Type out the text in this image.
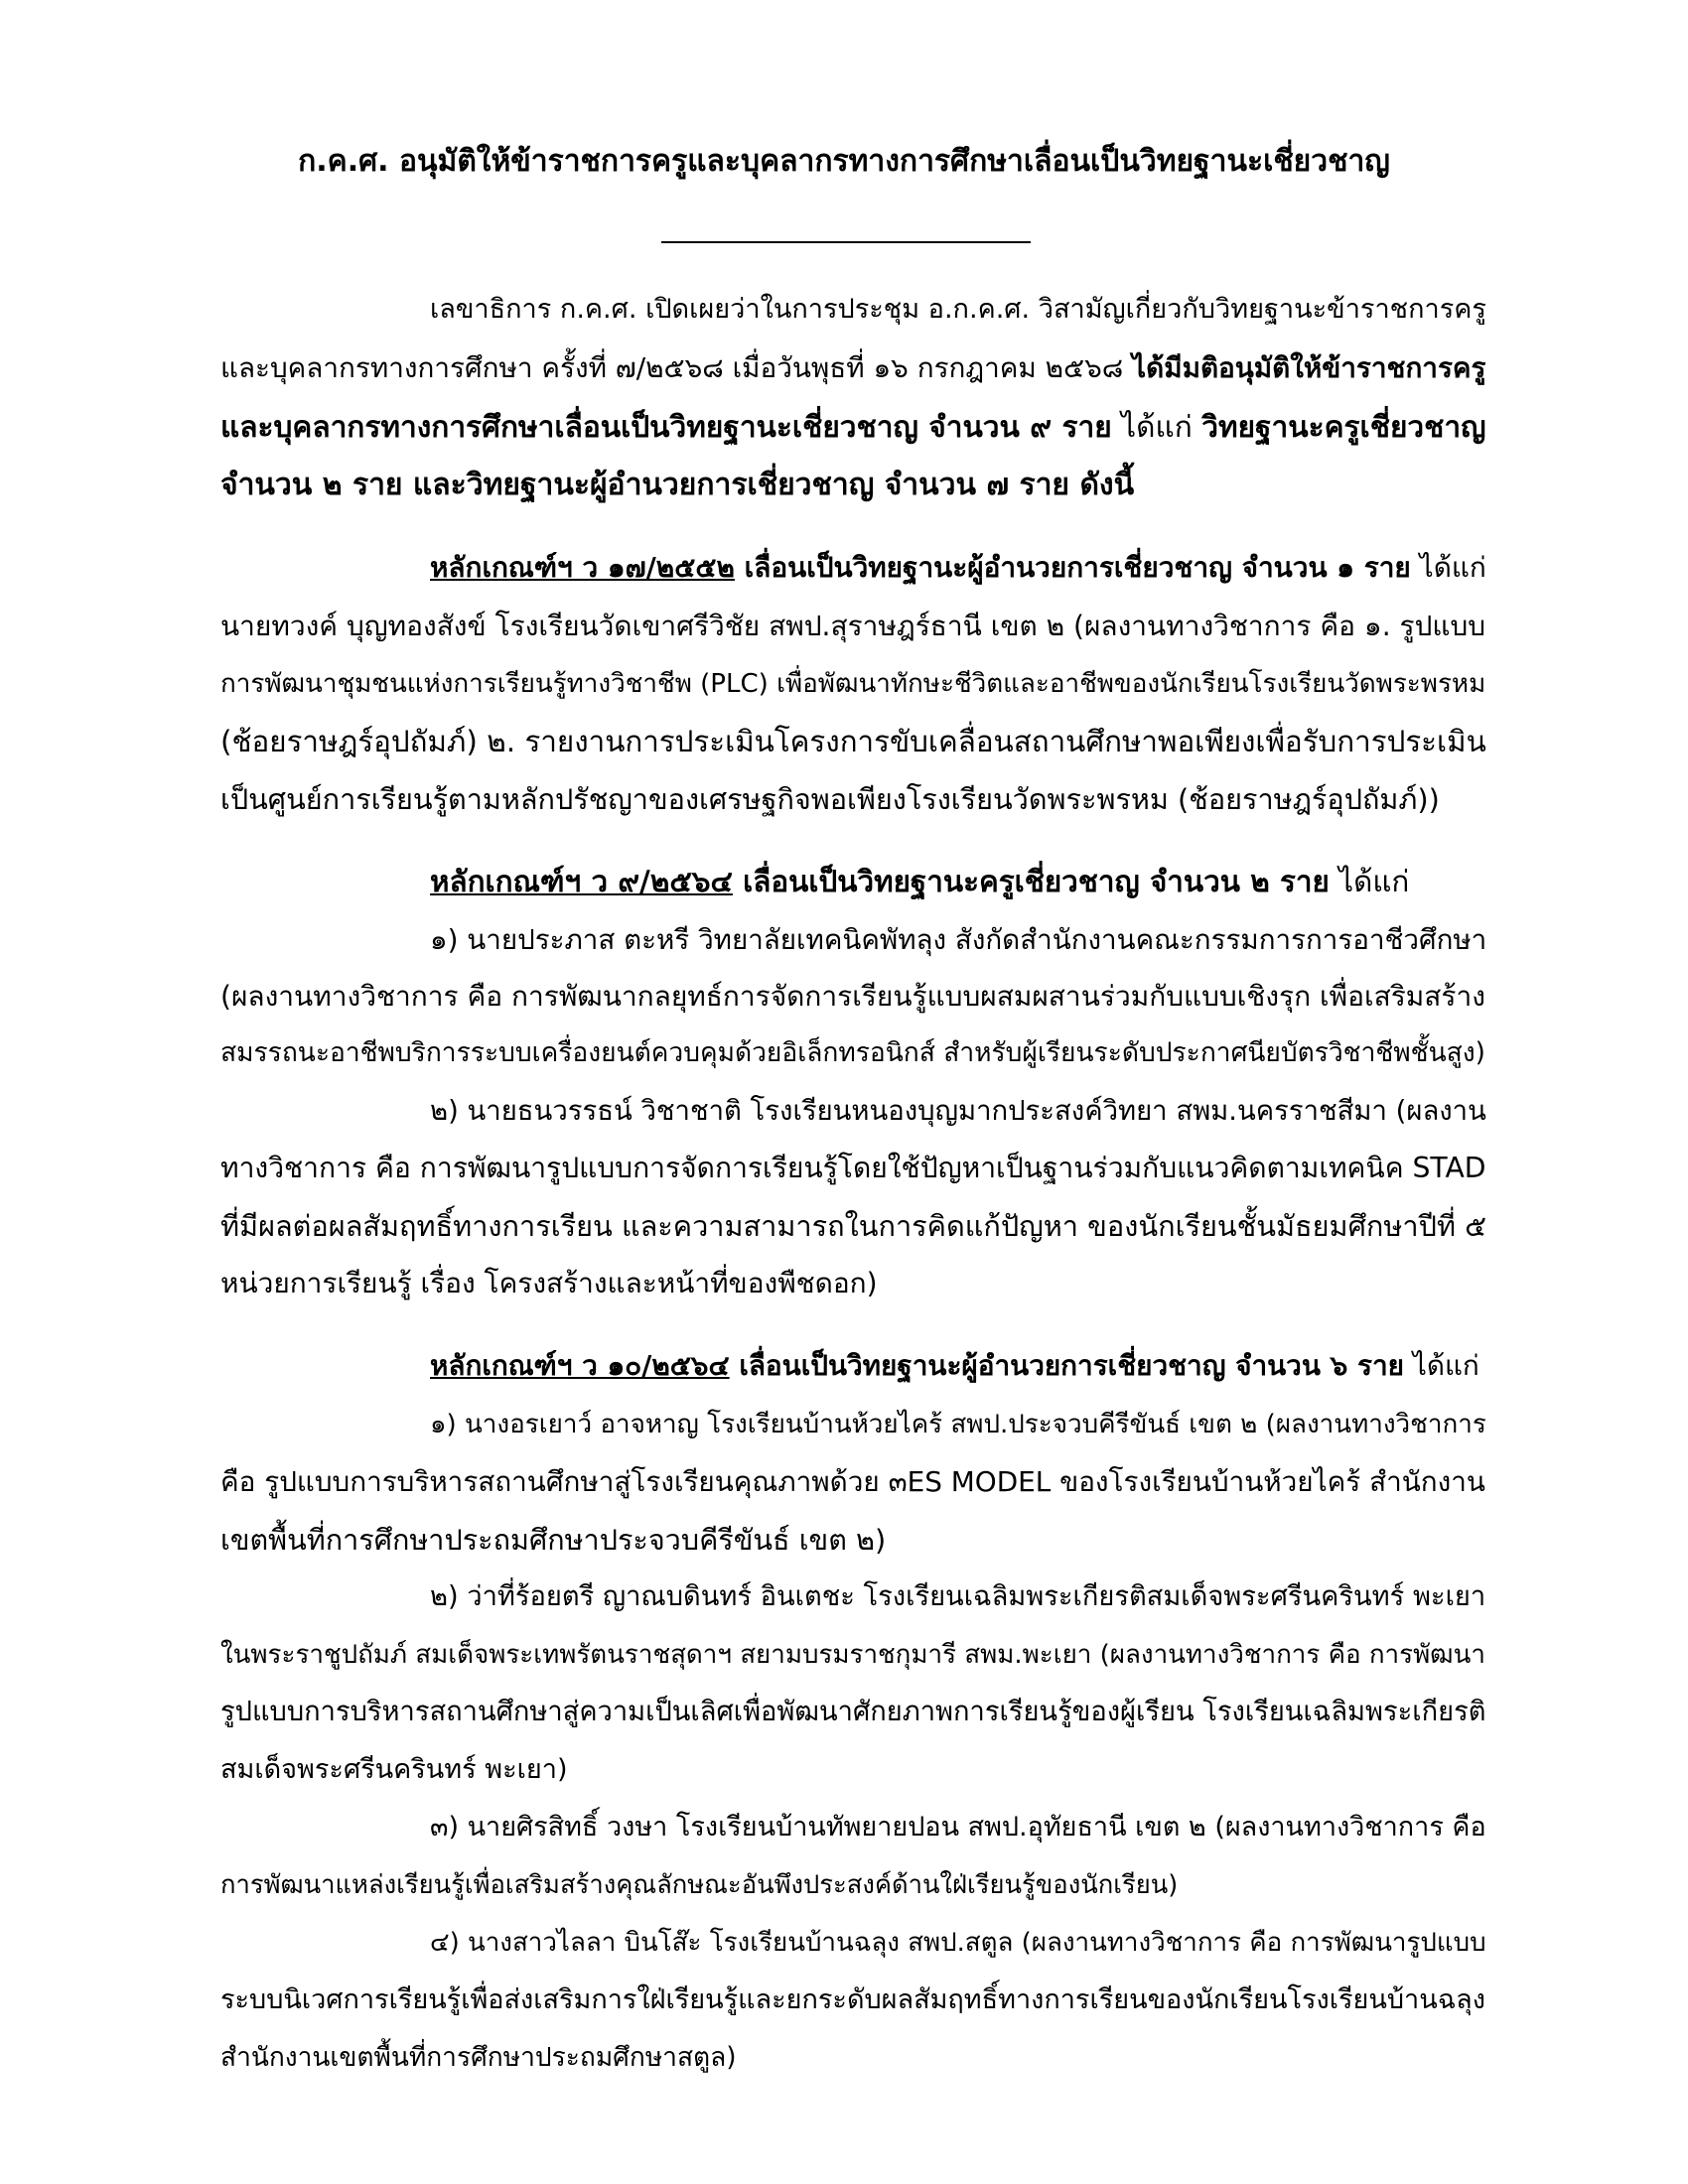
ก.ค.ศ. อนุมัติให้ข้าราชการครูและบุคลากรทางการศึกษาเลื่อนเป็นวิทยฐานะเชี่ยวชาญ
เลขาธิการ ก.ค.ศ. เปิดเผยว่าในการประชุม อ.ก.ค.ศ. วิสามัญเกี่ยวกับวิทยฐานะข้าราชการครู
และบุคลากรทางการศึกษา ครั้งที่ ๗/๒๕๖๘ เมื่อวันพุธที่ ๑๖ กรกฎาคม ๒๕๖๘ ได้มีมติอนุมัติให้ข้าราชการครู
และบุคลากรทางการศึกษาเลื่อนเป็นวิทยฐานะเชี่ยวชาญ จำนวน ๙ ราย ได้แก่ วิทยฐานะครูเชี่ยวชาญ
จำนวน ๒ ราย และวิทยฐานะผู้อำนวยการเชี่ยวชาญ จำนวน ๗ ราย ดังนี้
หลักเกณฑ์ฯ ว ๑๗/๒๕๕๒ เลื่อนเป็นวิทยฐานะผู้อำนวยการเชี่ยวชาญ จำนวน ๑ ราย ได้แก่
นายทวงค์ บุญทองสังข์ โรงเรียนวัดเขาศรีวิชัย สพป.สุราษฎร์ธานี เขต ๒ (ผลงานทางวิชาการ คือ ๑. รูปแบบ
การพัฒนาชุมชนแห่งการเรียนรู้ทางวิชาชีพ (PLC) เพื่อพัฒนาทักษะชีวิตและอาชีพของนักเรียนโรงเรียนวัดพระพรหม
(ช้อยราษฎร์อุปถัมภ์) ๒. รายงานการประเมินโครงการขับเคลื่อนสถานศึกษาพอเพียงเพื่อรับการประเมิน
เป็นศูนย์การเรียนรู้ตามหลักปรัชญาของเศรษฐกิจพอเพียงโรงเรียนวัดพระพรหม (ช้อยราษฎร์อุปถัมภ์))
หลักเกณฑ์ฯ ว ๙/๒๕๖๔ เลื่อนเป็นวิทยฐานะครูเชี่ยวชาญ จำนวน ๒ ราย ได้แก่
๑) นายประภาส ตะหรี วิทยาลัยเทคนิคพัทลุง สังกัดสำนักงานคณะกรรมการการอาชีวศึกษา
(ผลงานทางวิชาการ คือ การพัฒนากลยุทธ์การจัดการเรียนรู้แบบผสมผสานร่วมกับแบบเชิงรุก เพื่อเสริมสร้าง
สมรรถนะอาชีพบริการระบบเครื่องยนต์ควบคุมด้วยอิเล็กทรอนิกส์ สำหรับผู้เรียนระดับประกาศนียบัตรวิชาชีพชั้นสูง)
๒) นายธนวรรธน์ วิชาชาติ โรงเรียนหนองบุญมากประสงค์วิทยา สพม.นครราชสีมา (ผลงาน
ทางวิชาการ คือ การพัฒนารูปแบบการจัดการเรียนรู้โดยใช้ปัญหาเป็นฐานร่วมกับแนวคิดตามเทคนิค STAD
ที่มีผลต่อผลสัมฤทธิ์ทางการเรียน และความสามารถในการคิดแก้ปัญหา ของนักเรียนชั้นมัธยมศึกษาปีที่ ๕
หน่วยการเรียนรู้ เรื่อง โครงสร้างและหน้าที่ของพืชดอก)
หลักเกณฑ์ฯ ว ๑๐/๒๕๖๔ เลื่อนเป็นวิทยฐานะผู้อำนวยการเชี่ยวชาญ จำนวน ๖ ราย ได้แก่
๑) นางอรเยาว์ อาจหาญ โรงเรียนบ้านห้วยไคร้ สพป.ประจวบคีรีขันธ์ เขต ๒ (ผลงานทางวิชาการ
คือ รูปแบบการบริหารสถานศึกษาสู่โรงเรียนคุณภาพด้วย ๓ES MODEL ของโรงเรียนบ้านห้วยไคร้ สำนักงาน
เขตพื้นที่การศึกษาประถมศึกษาประจวบคีรีขันธ์ เขต ๒)
๒) ว่าที่ร้อยตรี ญาณบดินทร์ อินเตชะ โรงเรียนเฉลิมพระเกียรติสมเด็จพระศรีนครินทร์ พะเยา
ในพระราชูปถัมภ์ สมเด็จพระเทพรัตนราชสุดาฯ สยามบรมราชกุมารี สพม.พะเยา (ผลงานทางวิชาการ คือ การพัฒนา
รูปแบบการบริหารสถานศึกษาสู่ความเป็นเลิศเพื่อพัฒนาศักยภาพการเรียนรู้ของผู้เรียน โรงเรียนเฉลิมพระเกียรติ
สมเด็จพระศรีนครินทร์ พะเยา)
๓) นายศิรสิทธิ์ วงษา โรงเรียนบ้านทัพยายปอน สพป.อุทัยธานี เขต ๒ (ผลงานทางวิชาการ คือ
การพัฒนาแหล่งเรียนรู้เพื่อเสริมสร้างคุณลักษณะอันพึงประสงค์ด้านใฝ่เรียนรู้ของนักเรียน)
๔) นางสาวไลลา บินโส๊ะ โรงเรียนบ้านฉลุง สพป.สตูล (ผลงานทางวิชาการ คือ การพัฒนารูปแบบ
ระบบนิเวศการเรียนรู้เพื่อส่งเสริมการใฝ่เรียนรู้และยกระดับผลสัมฤทธิ์ทางการเรียนของนักเรียนโรงเรียนบ้านฉลุง
สำนักงานเขตพื้นที่การศึกษาประถมศึกษาสตูล)
